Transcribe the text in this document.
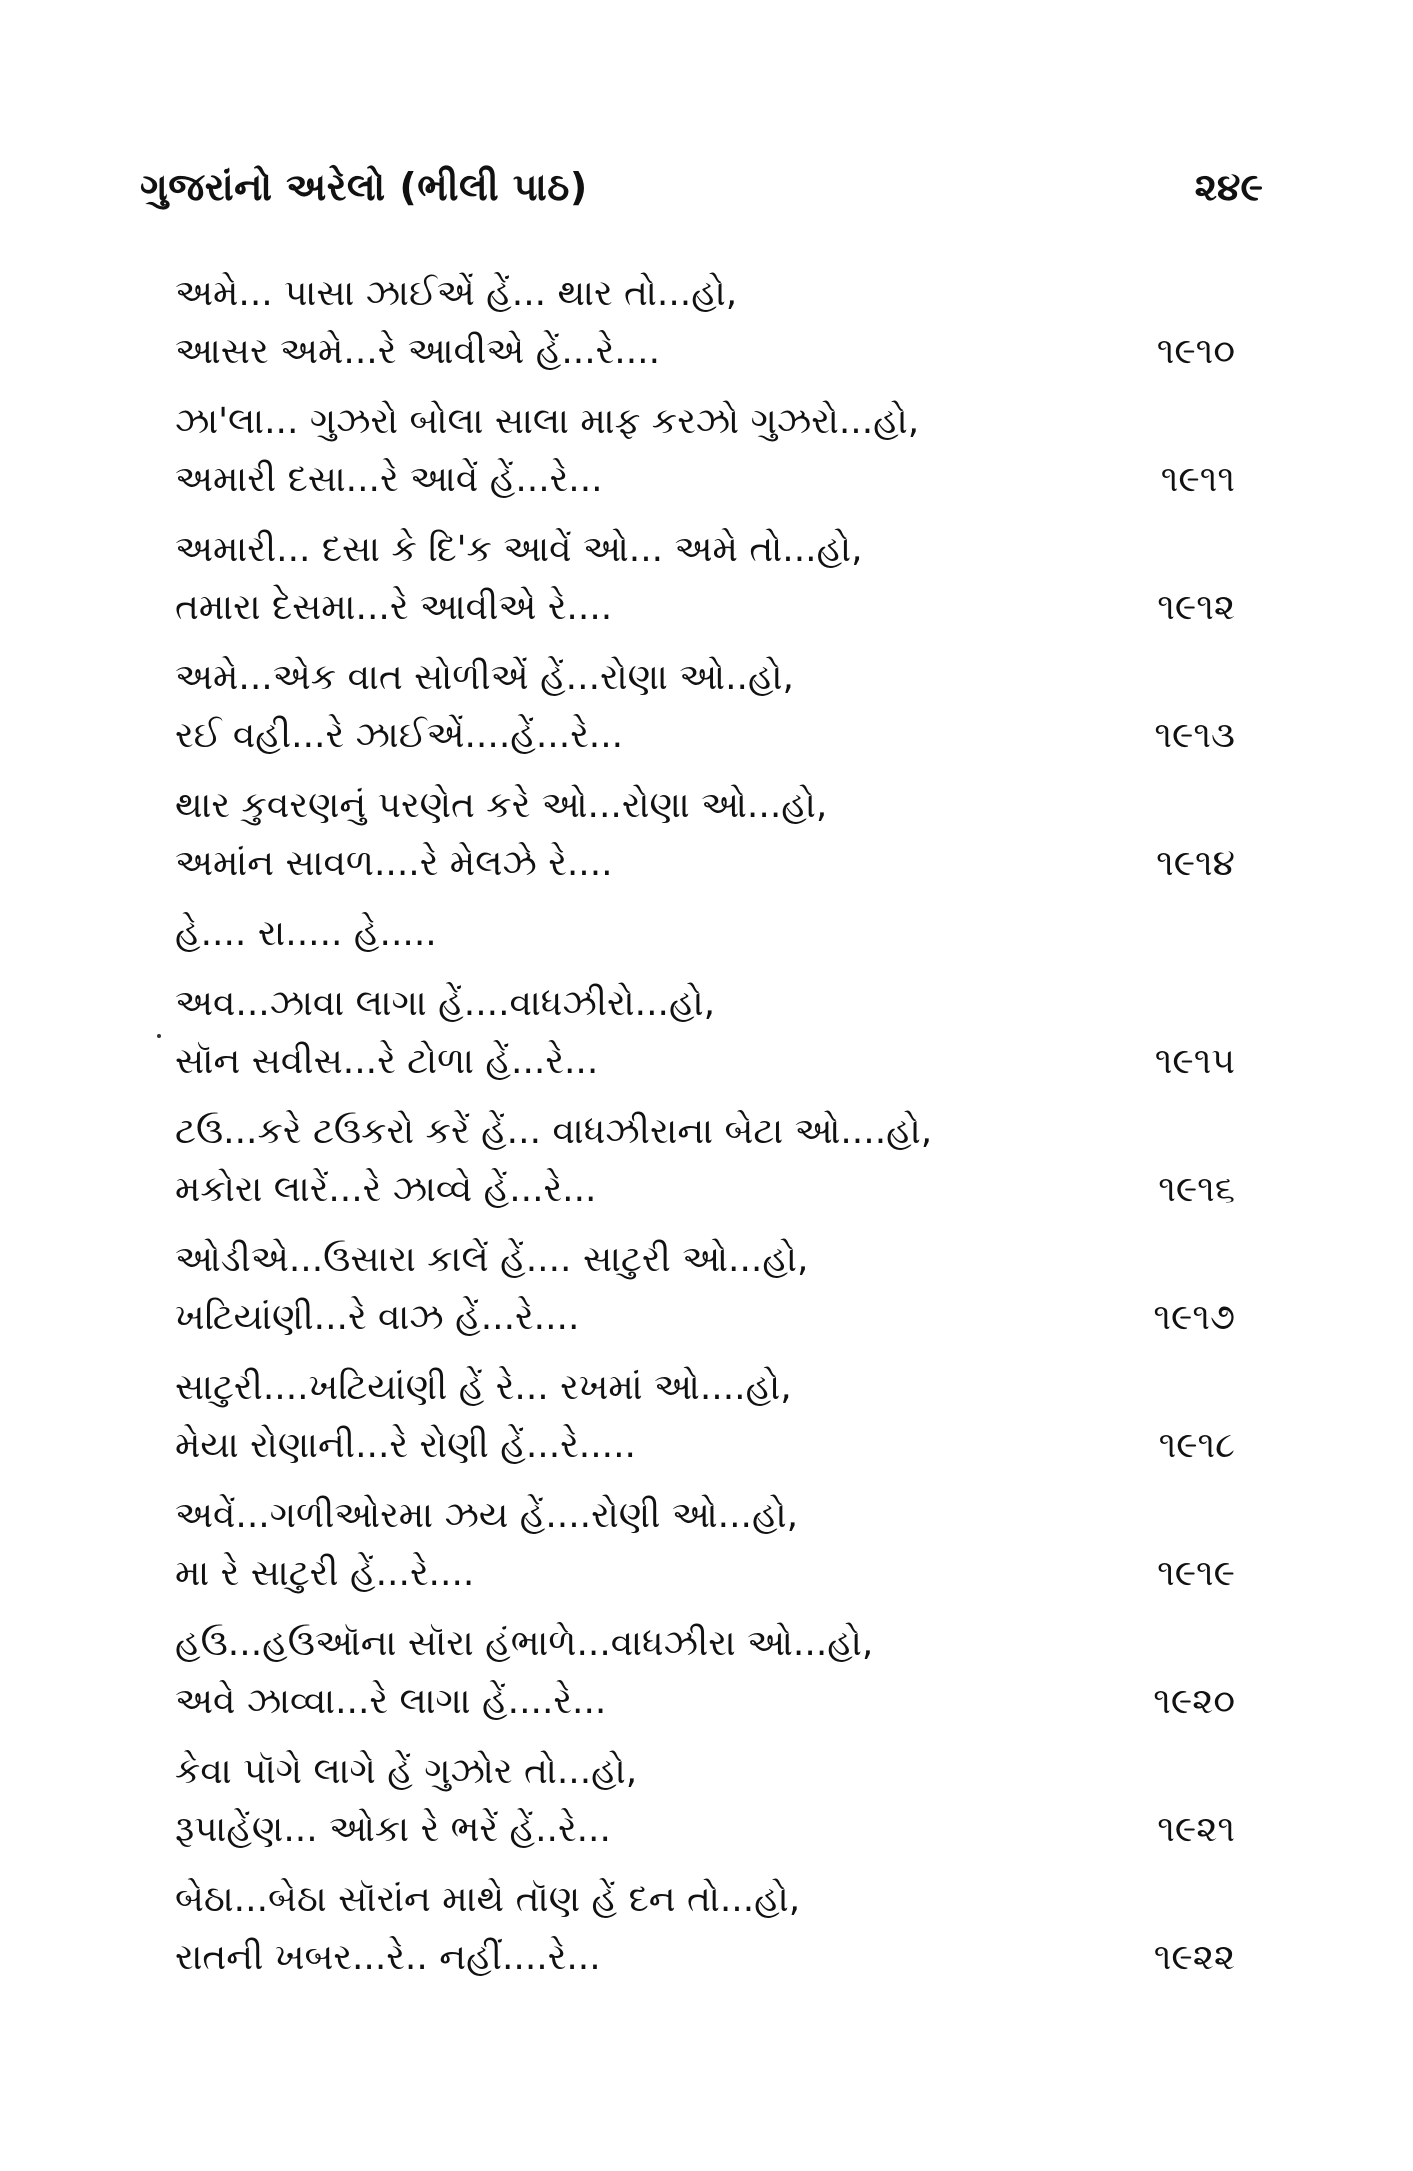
ગુજરાંનો અરેલો (ભીલી પાઠ)	૨૪૯
અમે... પાસા ઝાઈએં હેં... થાર તો...હો,
આસર અમે...રે આવીએ હેં...રે....	૧૯૧૦
ઝા'લા... ગુઝરો બોલા સાલા માફ કરઝો ગુઝરો...હો,
અમારી દસા...રે આવેં હેં...રે...	૧૯૧૧
અમારી... દસા કે દિ'ક આવેં ઓ... અમે તો...હો,
તમારા દેસમા...રે આવીએ રે....	૧૯૧૨
અમે...એક વાત સોળીએં હેં...રોણા ઓ..હો,
રઈ વહી...રે ઝાઈએં....હેં...રે...	૧૯૧૩
થાર કુવરણનું પરણેત કરે ઓ...રોણા ઓ...હો,
અમાંન સાવળ....રે મેલઝે રે....	૧૯૧૪
હે.... રા..... હે.....
અવ...ઝાવા લાગા હેં....વાધઝીરો...હો,
સૉન સવીસ...રે ટોળા હેં...રે...	૧૯૧૫
ટઉ...કરે ટઉકરો કરેં હેં... વાધઝીરાના બેટા ઓ....હો,
મકોરા લારેં...રે ઝાવ્વે હેં...રે...	૧૯૧૬
ઓડીએ...ઉસારા કાલેં હેં.... સાટુરી ઓ...હો,
ખટિયાંણી...રે વાઝ હેં...રે....	૧૯૧૭
સાટુરી....ખટિયાંણી હેં રે... રખમાં ઓ....હો,
મેયા રોણાની...રે રોણી હેં...રે.....	૧૯૧૮
અવેં...ગળીઓરમા ઝય હેં....રોણી ઓ...હો,
મા રે સાટુરી હેં...રે....	૧૯૧૯
હઉ...હઉઑના સૉરા હંભાળે...વાધઝીરા ઓ...હો,
અવે ઝાવ્વા...રે લાગા હેં....રે...	૧૯૨૦
કેવા પૉગે લાગે હેં ગુઝોર તો...હો,
રૂપાહેંણ... ઓકા રે ભરેં હેં..રે...	૧૯૨૧
બેઠા...બેઠા સૉરાંન માથે તૉણ હેં દન તો...હો,
રાતની ખબર...રે.. નહીં....રે...	૧૯૨૨
